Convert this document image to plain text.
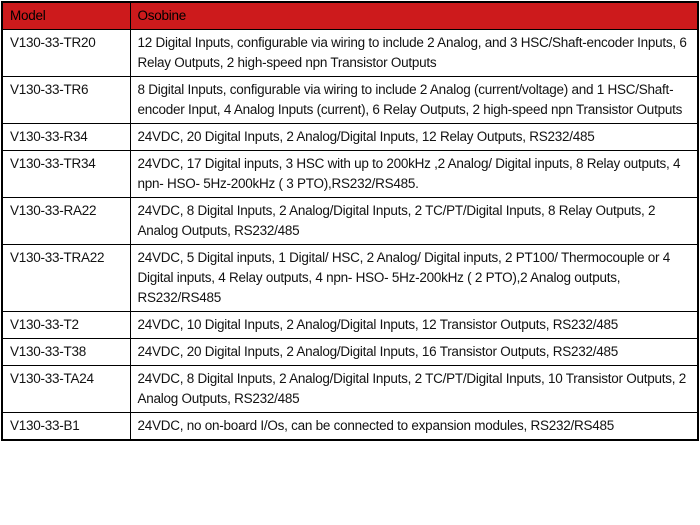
Model	Osobine
V130-33-TR20	12 Digital Inputs, configurable via wiring to include 2 Analog, and 3 HSC/Shaft-encoder Inputs, 6 Relay Outputs, 2 high-speed npn Transistor Outputs
V130-33-TR6	8 Digital Inputs, configurable via wiring to include 2 Analog (current/voltage) and 1 HSC/Shaft-encoder Input, 4 Analog Inputs (current), 6 Relay Outputs, 2 high-speed npn Transistor Outputs
V130-33-R34	24VDC, 20 Digital Inputs, 2 Analog/Digital Inputs, 12 Relay Outputs, RS232/485
V130-33-TR34	24VDC, 17 Digital inputs, 3 HSC with up to 200kHz ,2 Analog/ Digital inputs, 8 Relay outputs, 4 npn- HSO- 5Hz-200kHz ( 3 PTO),RS232/RS485.
V130-33-RA22	24VDC, 8 Digital Inputs, 2 Analog/Digital Inputs, 2 TC/PT/Digital Inputs, 8 Relay Outputs, 2 Analog Outputs, RS232/485
V130-33-TRA22	24VDC, 5 Digital inputs, 1 Digital/ HSC, 2 Analog/ Digital inputs, 2 PT100/ Thermocouple or 4 Digital inputs, 4 Relay outputs, 4 npn- HSO- 5Hz-200kHz ( 2 PTO),2 Analog outputs, RS232/RS485
V130-33-T2	24VDC, 10 Digital Inputs, 2 Analog/Digital Inputs, 12 Transistor Outputs, RS232/485
V130-33-T38	24VDC, 20 Digital Inputs, 2 Analog/Digital Inputs, 16 Transistor Outputs, RS232/485
V130-33-TA24	24VDC, 8 Digital Inputs, 2 Analog/Digital Inputs, 2 TC/PT/Digital Inputs, 10 Transistor Outputs, 2 Analog Outputs, RS232/485
V130-33-B1	24VDC, no on-board I/Os, can be connected to expansion modules, RS232/RS485
